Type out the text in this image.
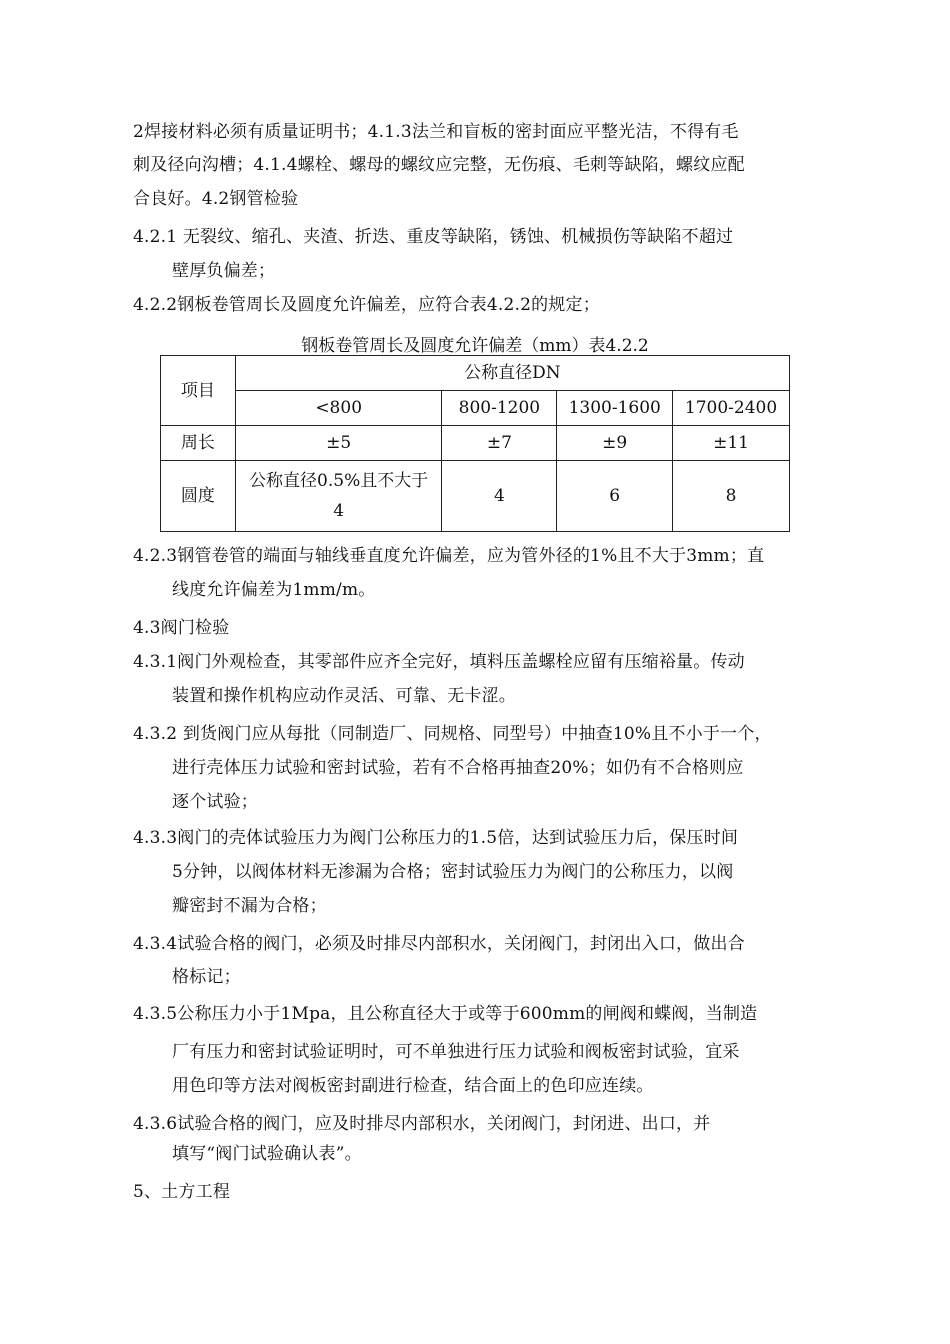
2焊接材料必须有质量证明书；4.1.3法兰和盲板的密封面应平整光洁，不得有毛
刺及径向沟槽；4.1.4螺栓、螺母的螺纹应完整，无伤痕、毛刺等缺陷，螺纹应配
合良好。4.2钢管检验
4.2.1 无裂纹、缩孔、夹渣、折迭、重皮等缺陷，锈蚀、机械损伤等缺陷不超过
壁厚负偏差；
4.2.2钢板卷管周长及圆度允许偏差，应符合表4.2.2的规定；
钢板卷管周长及圆度允许偏差（mm）表4.2.2
项目	公称直径DN			
	<800	800-1200	1300-1600	1700-2400
周长	±5	±7	±9	±11
圆度	公称直径0.5%且不大于4	4	6	8
4.2.3钢管卷管的端面与轴线垂直度允许偏差，应为管外径的1%且不大于3mm；直
线度允许偏差为1mm/m。
4.3阀门检验
4.3.1阀门外观检查，其零部件应齐全完好，填料压盖螺栓应留有压缩裕量。传动
装置和操作机构应动作灵活、可靠、无卡涩。
4.3.2 到货阀门应从每批（同制造厂、同规格、同型号）中抽查10%且不小于一个，
进行壳体压力试验和密封试验，若有不合格再抽查20%；如仍有不合格则应
逐个试验；
4.3.3阀门的壳体试验压力为阀门公称压力的1.5倍，达到试验压力后，保压时间
5分钟，以阀体材料无渗漏为合格；密封试验压力为阀门的公称压力，以阀
瓣密封不漏为合格；
4.3.4试验合格的阀门，必须及时排尽内部积水，关闭阀门，封闭出入口，做出合
格标记；
4.3.5公称压力小于1Mpa，且公称直径大于或等于600mm的闸阀和蝶阀，当制造
厂有压力和密封试验证明时，可不单独进行压力试验和阀板密封试验，宜采
用色印等方法对阀板密封副进行检查，结合面上的色印应连续。
4.3.6试验合格的阀门，应及时排尽内部积水，关闭阀门，封闭进、出口，并
填写“阀门试验确认表”。
5、土方工程
